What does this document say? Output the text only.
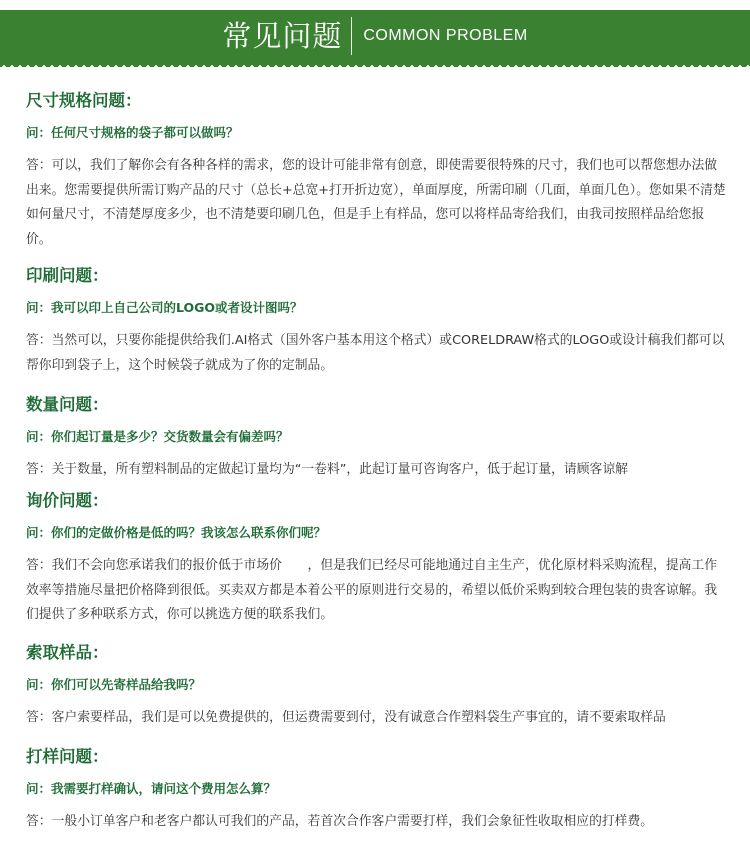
常见问题 COMMON PROBLEM
尺寸规格问题：
问：任何尺寸规格的袋子都可以做吗？
答：可以，我们了解你会有各种各样的需求，您的设计可能非常有创意，即使需要很特殊的尺寸，我们也可以帮您想办法做出来。您需要提供所需订购产品的尺寸（总长+总宽+打开折边宽），单面厚度，所需印刷（几面，单面几色）。您如果不清楚如何量尺寸，不清楚厚度多少，也不清楚要印刷几色，但是手上有样品，您可以将样品寄给我们，由我司按照样品给您报价。
印刷问题：
问：我可以印上自己公司的LOGO或者设计图吗？
答：当然可以，只要你能提供给我们.AI格式（国外客户基本用这个格式）或CORELDRAW格式的LOGO或设计稿我们都可以帮你印到袋子上，这个时候袋子就成为了你的定制品。
数量问题：
问：你们起订量是多少？交货数量会有偏差吗？
答：关于数量，所有塑料制品的定做起订量均为“一卷料”，此起订量可咨询客户，低于起订量，请顾客谅解
询价问题：
问：你们的定做价格是低的吗？我该怎么联系你们呢？
答：我们不会向您承诺我们的报价低于市场价　　，但是我们已经尽可能地通过自主生产，优化原材料采购流程，提高工作效率等措施尽量把价格降到很低。买卖双方都是本着公平的原则进行交易的，希望以低价采购到较合理包装的贵客谅解。我们提供了多种联系方式，你可以挑选方便的联系我们。
索取样品：
问：你们可以先寄样品给我吗？
答：客户索要样品，我们是可以免费提供的，但运费需要到付，没有诚意合作塑料袋生产事宜的，请不要索取样品
打样问题：
问：我需要打样确认，请问这个费用怎么算？
答：一般小订单客户和老客户都认可我们的产品，若首次合作客户需要打样，我们会象征性收取相应的打样费。
